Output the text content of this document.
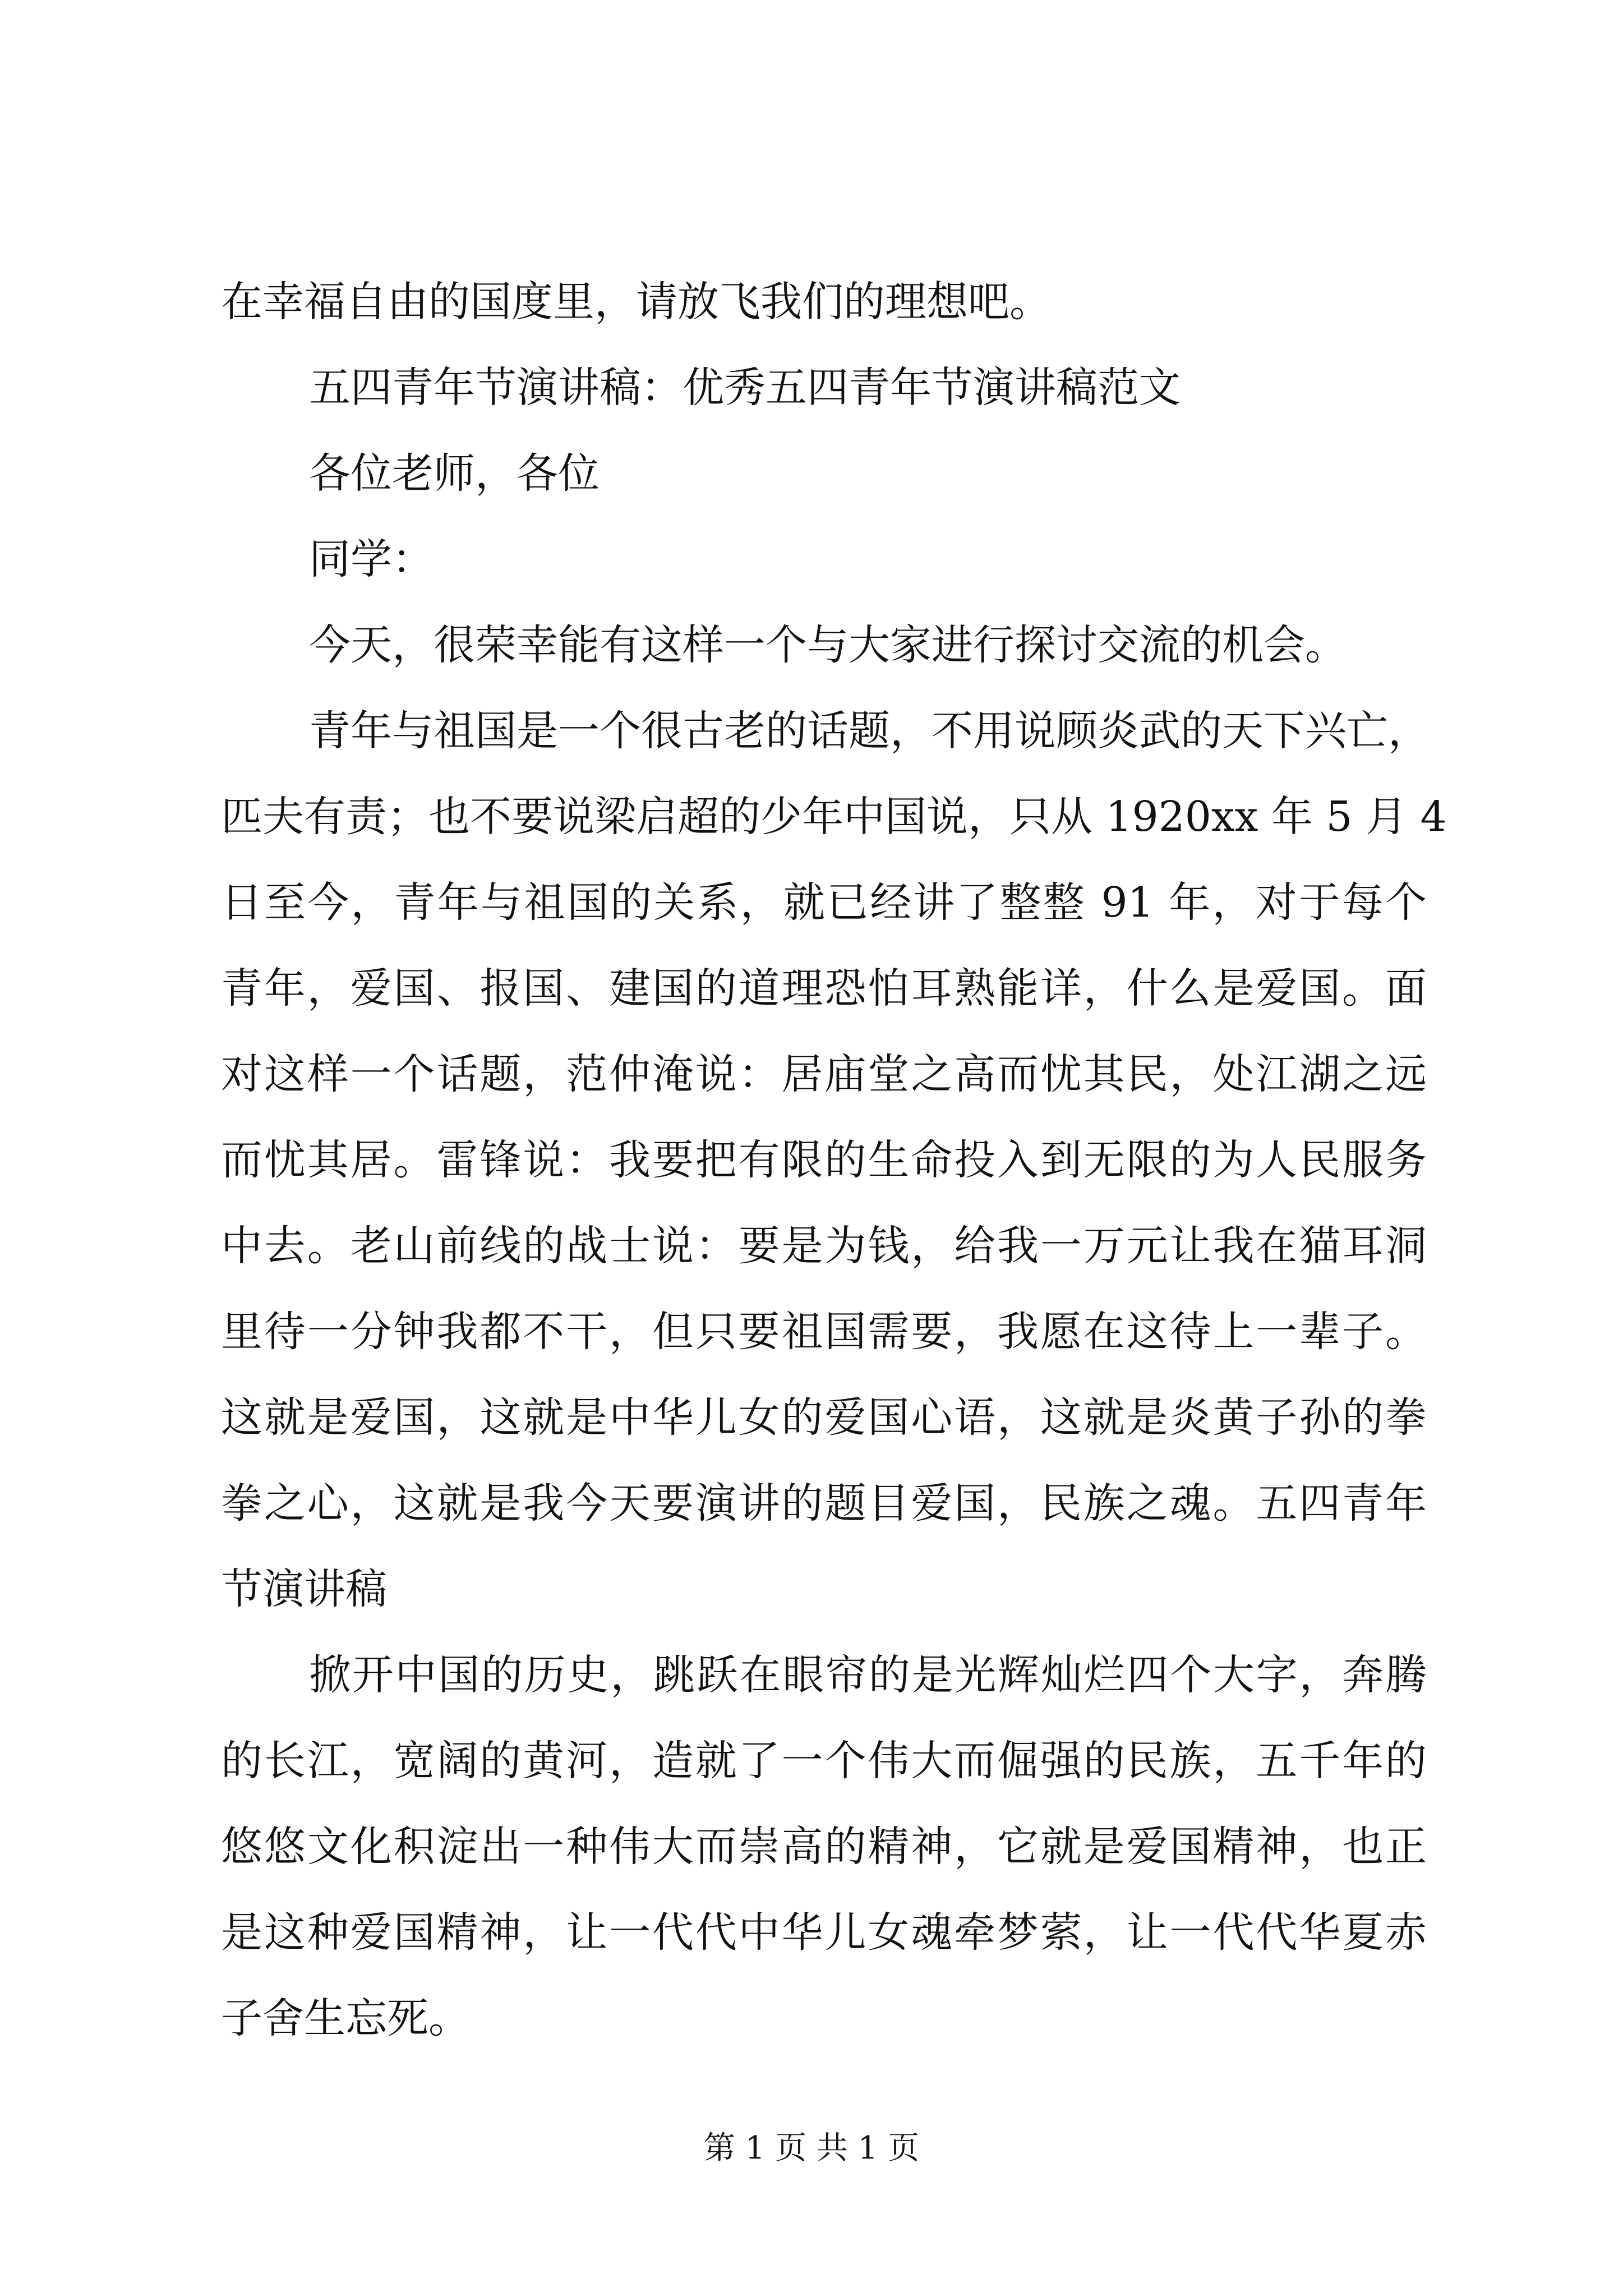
在幸福自由的国度里，请放飞我们的理想吧。
五四青年节演讲稿：优秀五四青年节演讲稿范文
各位老师，各位
同学：
今天，很荣幸能有这样一个与大家进行探讨交流的机会。
青年与祖国是一个很古老的话题，不用说顾炎武的天下兴亡，
匹夫有责；也不要说梁启超的少年中国说，只从 1920xx 年 5 月 4
日至今，青年与祖国的关系，就已经讲了整整 91 年，对于每个
青年，爱国、报国、建国的道理恐怕耳熟能详，什么是爱国。面
对这样一个话题，范仲淹说：居庙堂之高而忧其民，处江湖之远
而忧其居。雷锋说：我要把有限的生命投入到无限的为人民服务
中去。老山前线的战士说：要是为钱，给我一万元让我在猫耳洞
里待一分钟我都不干，但只要祖国需要，我愿在这待上一辈子。
这就是爱国，这就是中华儿女的爱国心语，这就是炎黄子孙的拳
拳之心，这就是我今天要演讲的题目爱国，民族之魂。五四青年
节演讲稿
掀开中国的历史，跳跃在眼帘的是光辉灿烂四个大字，奔腾
的长江，宽阔的黄河，造就了一个伟大而倔强的民族，五千年的
悠悠文化积淀出一种伟大而崇高的精神，它就是爱国精神，也正
是这种爱国精神，让一代代中华儿女魂牵梦萦，让一代代华夏赤
子舍生忘死。
第 1 页 共 1 页
